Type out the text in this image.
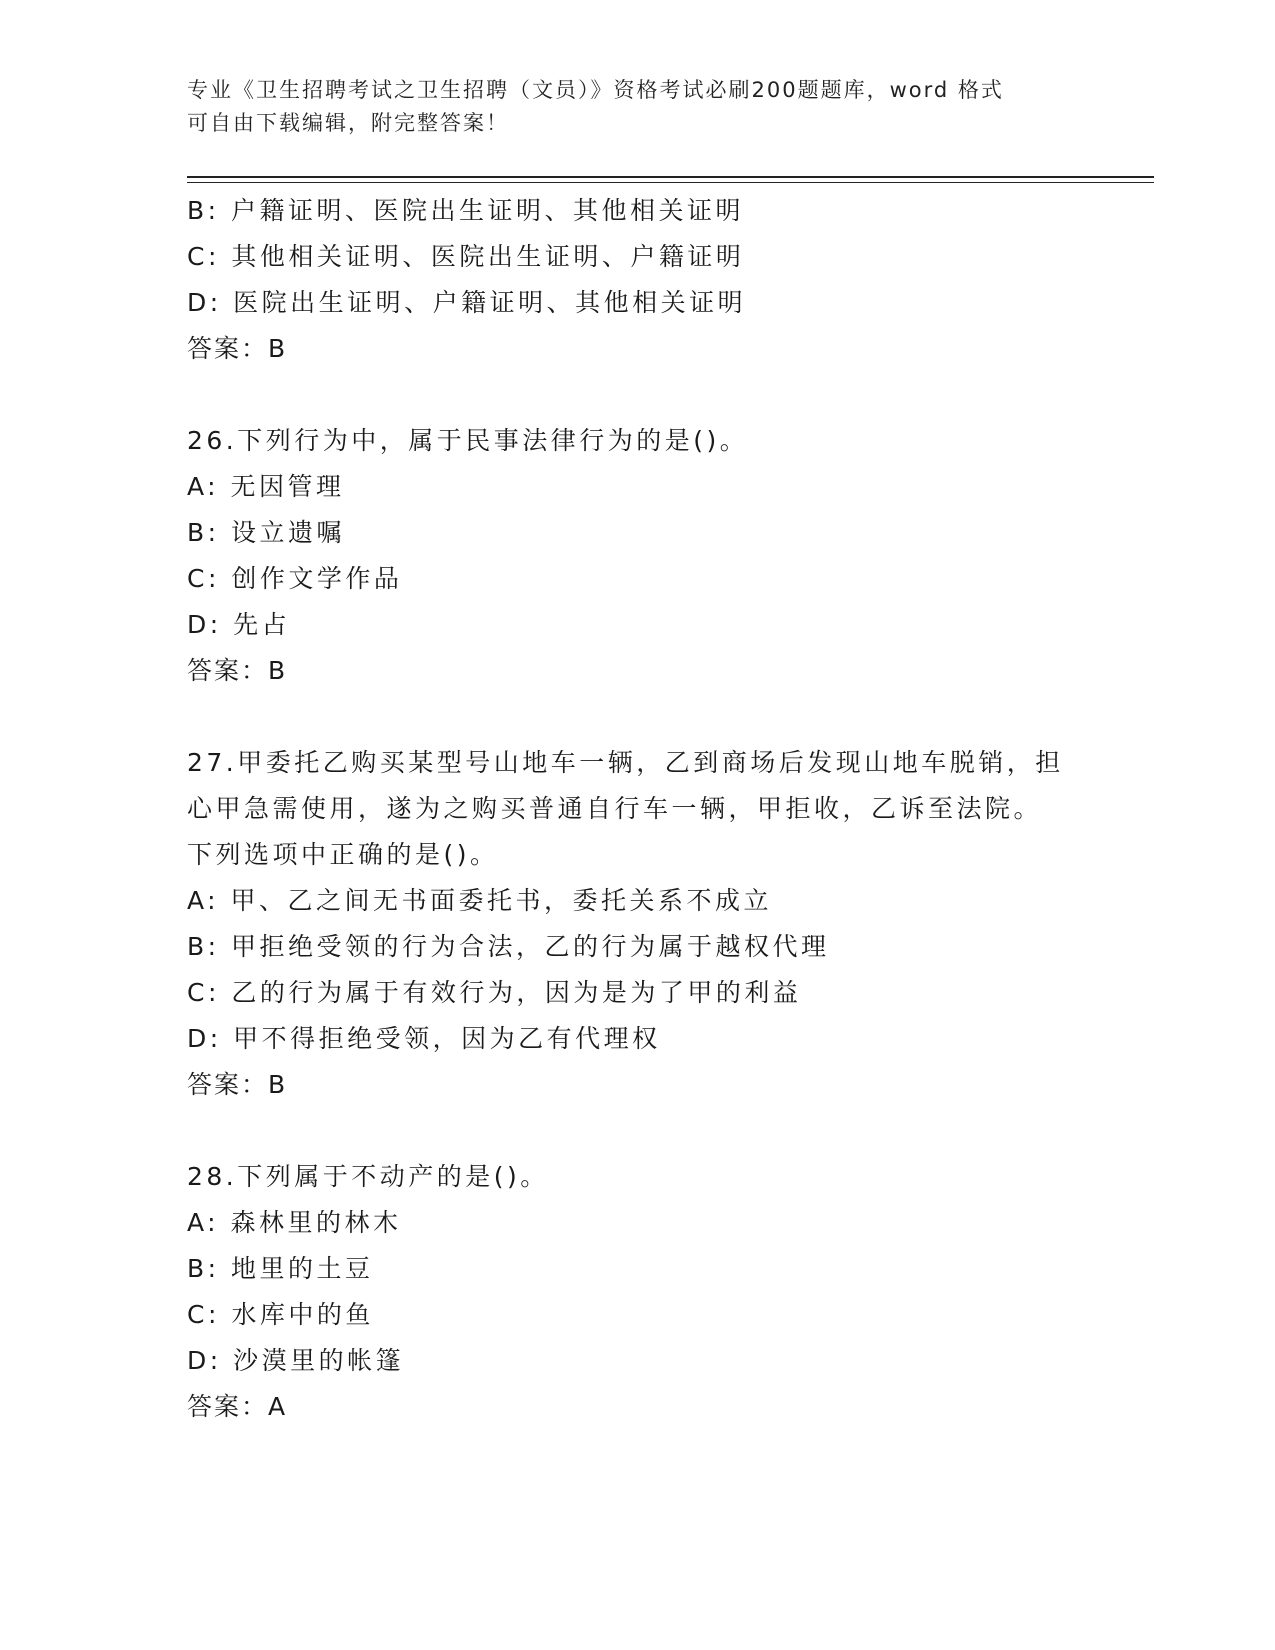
专业《卫生招聘考试之卫生招聘（文员）》资格考试必刷200题题库，word 格式
可自由下载编辑，附完整答案！
B: 户籍证明、医院出生证明、其他相关证明
C: 其他相关证明、医院出生证明、户籍证明
D: 医院出生证明、户籍证明、其他相关证明
答案：B
26.下列行为中，属于民事法律行为的是()。
A: 无因管理
B: 设立遗嘱
C: 创作文学作品
D: 先占
答案：B
27.甲委托乙购买某型号山地车一辆，乙到商场后发现山地车脱销，担
心甲急需使用，遂为之购买普通自行车一辆，甲拒收，乙诉至法院。
下列选项中正确的是()。
A: 甲、乙之间无书面委托书，委托关系不成立
B: 甲拒绝受领的行为合法，乙的行为属于越权代理
C: 乙的行为属于有效行为，因为是为了甲的利益
D: 甲不得拒绝受领，因为乙有代理权
答案：B
28.下列属于不动产的是()。
A: 森林里的林木
B: 地里的土豆
C: 水库中的鱼
D: 沙漠里的帐篷
答案：A
